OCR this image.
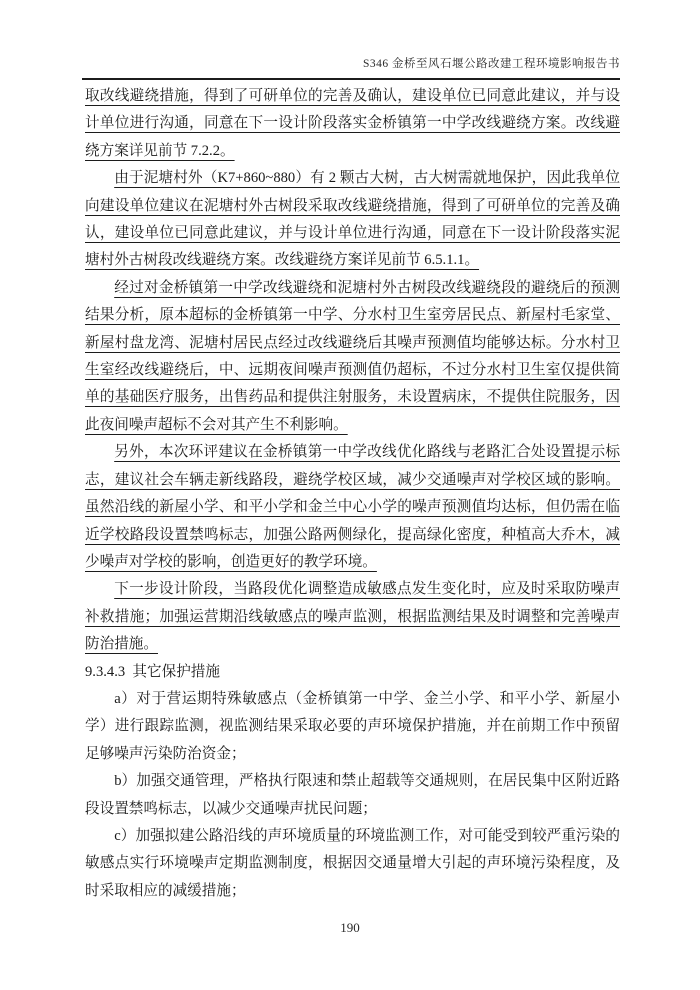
S346 金桥至风石堰公路改建工程环境影响报告书

取改线避绕措施，得到了可研单位的完善及确认，建设单位已同意此建议，并与设计单位进行沟通，同意在下一设计阶段落实金桥镇第一中学改线避绕方案。改线避绕方案详见前节 7.2.2。

由于泥塘村外（K7+860~880）有 2 颗古大树，古大树需就地保护，因此我单位向建设单位建议在泥塘村外古树段采取改线避绕措施，得到了可研单位的完善及确认，建设单位已同意此建议，并与设计单位进行沟通，同意在下一设计阶段落实泥塘村外古树段改线避绕方案。改线避绕方案详见前节 6.5.1.1。

经过对金桥镇第一中学改线避绕和泥塘村外古树段改线避绕段的避绕后的预测结果分析，原本超标的金桥镇第一中学、分水村卫生室旁居民点、新屋村毛家堂、新屋村盘龙湾、泥塘村居民点经过改线避绕后其噪声预测值均能够达标。分水村卫生室经改线避绕后，中、远期夜间噪声预测值仍超标，不过分水村卫生室仅提供简单的基础医疗服务，出售药品和提供注射服务，未设置病床，不提供住院服务，因此夜间噪声超标不会对其产生不利影响。

另外，本次环评建议在金桥镇第一中学改线优化路线与老路汇合处设置提示标志，建议社会车辆走新线路段，避绕学校区域，减少交通噪声对学校区域的影响。虽然沿线的新屋小学、和平小学和金兰中心小学的噪声预测值均达标，但仍需在临近学校路段设置禁鸣标志，加强公路两侧绿化，提高绿化密度，种植高大乔木，减少噪声对学校的影响，创造更好的教学环境。

下一步设计阶段，当路段优化调整造成敏感点发生变化时，应及时采取防噪声补救措施；加强运营期沿线敏感点的噪声监测，根据监测结果及时调整和完善噪声防治措施。

9.3.4.3  其它保护措施

a）对于营运期特殊敏感点（金桥镇第一中学、金兰小学、和平小学、新屋小学）进行跟踪监测，视监测结果采取必要的声环境保护措施，并在前期工作中预留足够噪声污染防治资金；

b）加强交通管理，严格执行限速和禁止超载等交通规则，在居民集中区附近路段设置禁鸣标志，以减少交通噪声扰民问题；

c）加强拟建公路沿线的声环境质量的环境监测工作，对可能受到较严重污染的敏感点实行环境噪声定期监测制度，根据因交通量增大引起的声环境污染程度，及时采取相应的减缓措施；

190
